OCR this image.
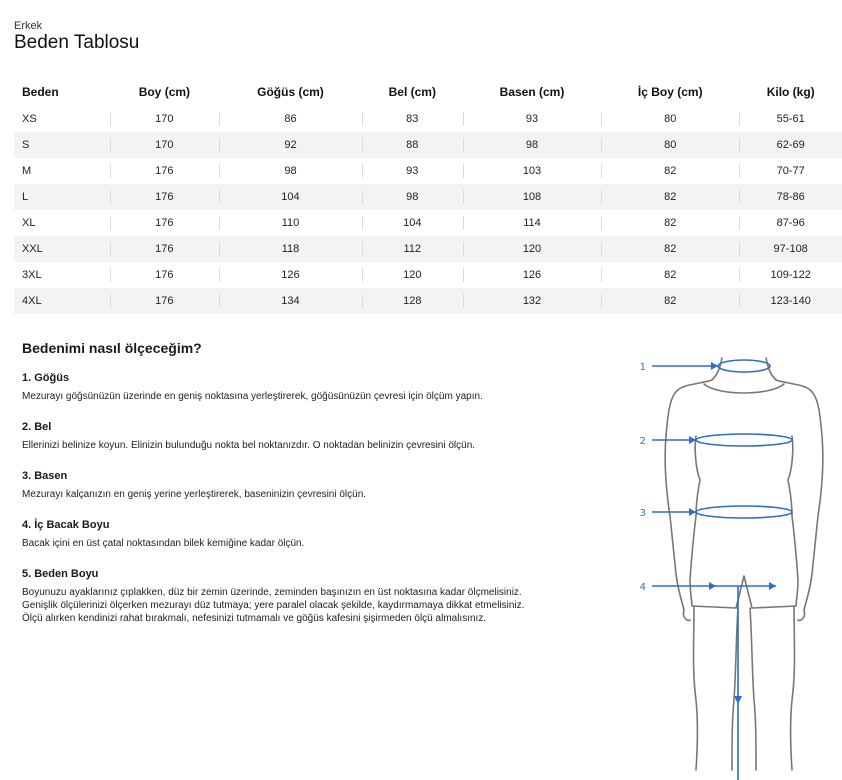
Erkek
Beden Tablosu
Beden	Boy (cm)	Göğüs (cm)	Bel (cm)	Basen (cm)	İç Boy (cm)	Kilo (kg)
XS	170	86	83	93	80	55-61
S	170	92	88	98	80	62-69
M	176	98	93	103	82	70-77
L	176	104	98	108	82	78-86
XL	176	110	104	114	82	87-96
XXL	176	118	112	120	82	97-108
3XL	176	126	120	126	82	109-122
4XL	176	134	128	132	82	123-140
Bedenimi nasıl ölçeceğim?
1. Göğüs

Mezurayı göğsünüzün üzerinde en geniş noktasına yerleştirerek, göğüsünüzün çevresi için ölçüm yapın.

2. Bel

Ellerinizi belinize koyun. Elinizin bulunduğu nokta bel noktanızdır. O noktadan belinizin çevresini ölçün.

3. Basen

Mezurayı kalçanızın en geniş yerine yerleştirerek, baseninizin çevresini ölçün.

4. İç Bacak Boyu

Bacak içini en üst çatal noktasından bilek kemiğine kadar ölçün.

5. Beden Boyu

Boyunuzu ayaklarınız çıplakken, düz bir zemin üzerinde, zeminden başınızın en üst noktasına kadar ölçmelisiniz. Genişlik ölçülerinizi ölçerken mezurayı düz tutmaya; yere paralel olacak şekilde, kaydırmamaya dikkat etmelisiniz. Ölçü alırken kendinizi rahat bırakmalı, nefesinizi tutmamalı ve göğüs kafesini şişirmeden ölçü almalısınız.

1
2
3
4
